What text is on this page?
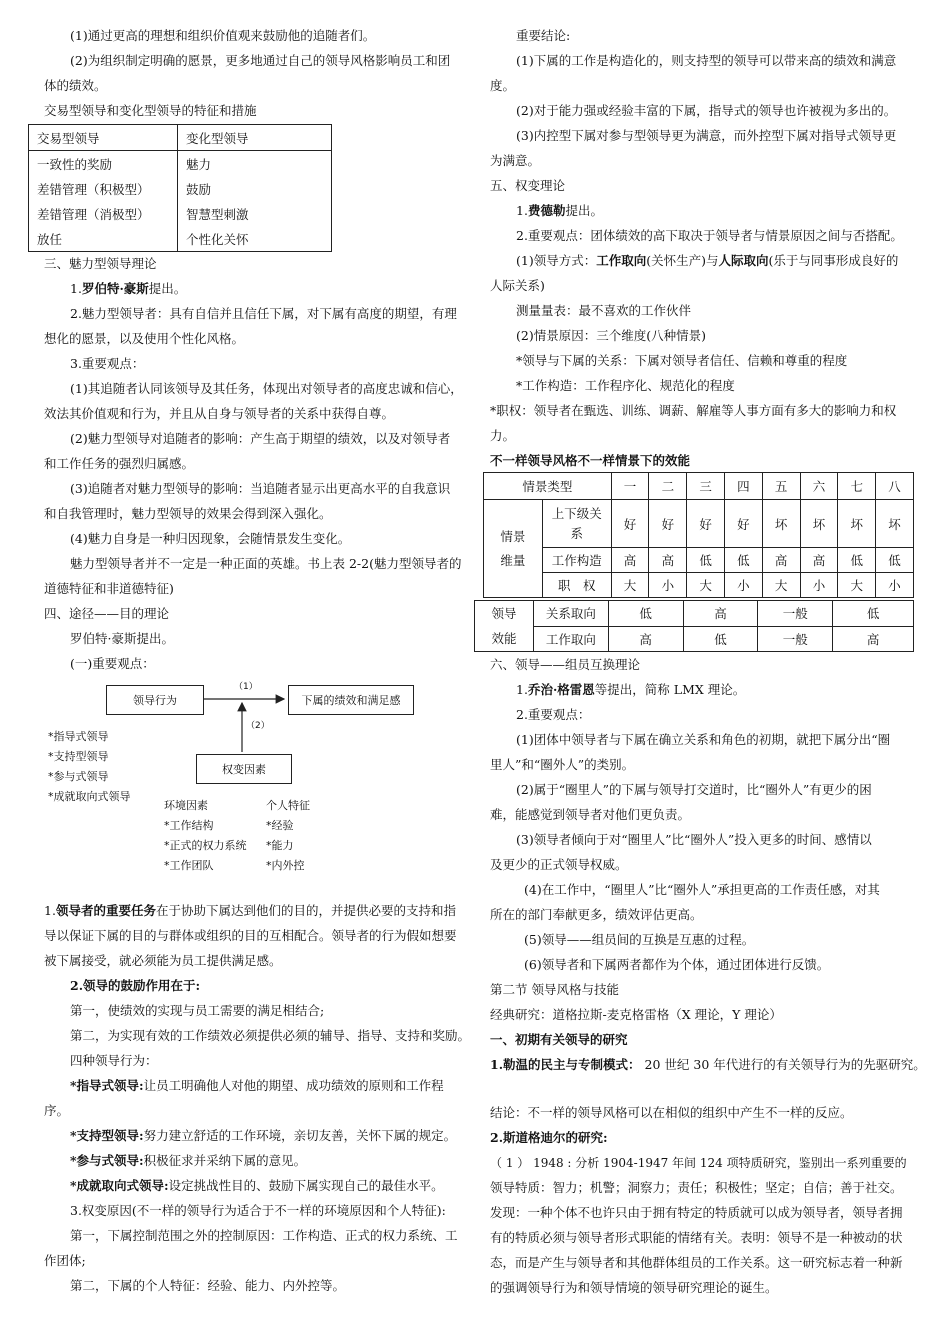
(1)通过更高的理想和组织价值观来鼓励他的追随者们。
(2)为组织制定明确的愿景，更多地通过自己的领导风格影响员工和团
体的绩效。
交易型领导和变化型领导的特征和措施
交易型领导	变化型领导
一致性的奖励	魅力
差错管理（积极型）	鼓励
差错管理（消极型）	智慧型刺激
放任	个性化关怀
三、魅力型领导理论
1.罗伯特·豪斯提出。
2.魅力型领导者：具有自信并且信任下属，对下属有高度的期望，有理
想化的愿景，以及使用个性化风格。
3.重要观点：
(1)其追随者认同该领导及其任务，体现出对领导者的高度忠诚和信心，
效法其价值观和行为，并且从自身与领导者的关系中获得自尊。
(2)魅力型领导对追随者的影响：产生高于期望的绩效，以及对领导者
和工作任务的强烈归属感。
(3)追随者对魅力型领导的影响：当追随者显示出更高水平的自我意识
和自我管理时，魅力型领导的效果会得到深入强化。
(4)魅力自身是一种归因现象，会随情景发生变化。
魅力型领导者并不一定是一种正面的英雄。书上表 2-2(魅力型领导者的
道德特征和非道德特征)
四、途径——目的理论
罗伯特·豪斯提出。
(一)重要观点：
领导行为	下属的绩效和满足感
权变因素
（1）
（2）
*指导式领导
*支持型领导
*参与式领导
*成就取向式领导
环境因素
*工作结构
*正式的权力系统
*工作团队
个人特征
*经验
*能力
*内外控
1.领导者的重要任务在于协助下属达到他们的目的，并提供必要的支持和指
导以保证下属的目的与群体或组织的目的互相配合。领导者的行为假如想要
被下属接受，就必须能为员工提供满足感。
2.领导的鼓励作用在于:
第一，使绩效的实现与员工需要的满足相结合;
第二，为实现有效的工作绩效必须提供必须的辅导、指导、支持和奖励。
四种领导行为：
*指导式领导:让员工明确他人对他的期望、成功绩效的原则和工作程
序。
*支持型领导:努力建立舒适的工作环境，亲切友善，关怀下属的规定。
*参与式领导:积极征求并采纳下属的意见。
*成就取向式领导:设定挑战性目的、鼓励下属实现自己的最佳水平。
3.权变原因(不一样的领导行为适合于不一样的环境原因和个人特征):
第一，下属控制范围之外的控制原因：工作构造、正式的权力系统、工
作团体;
第二，下属的个人特征：经验、能力、内外控等。
重要结论:
(1)下属的工作是构造化的，则支持型的领导可以带来高的绩效和满意
度。
(2)对于能力强或经验丰富的下属，指导式的领导也许被视为多出的。
(3)内控型下属对参与型领导更为满意，而外控型下属对指导式领导更
为满意。
五、权变理论
1.费德勒提出。
2.重要观点：团体绩效的高下取决于领导者与情景原因之间与否搭配。
(1)领导方式：工作取向(关怀生产)与人际取向(乐于与同事形成良好的
人际关系)
测量量表：最不喜欢的工作伙伴
(2)情景原因：三个维度(八种情景)
*领导与下属的关系：下属对领导者信任、信赖和尊重的程度
*工作构造：工作程序化、规范化的程度
*职权：领导者在甄选、训练、调薪、解雇等人事方面有多大的影响力和权
力。
不一样领导风格不一样情景下的效能
情景类型		一	二	三	四	五	六	七	八

情景维量	上下级关系	好	好	好	好	坏	坏	坏	坏
	工作构造	高	高	低	低	高	高	低	低
	职　权	大	小	大	小	大	小	大	小
领导效能	关系取向	低	高	一般	低
	工作取向	高	低	一般	高
六、领导——组员互换理论
1.乔治·格雷恩等提出，简称 LMX 理论。
2.重要观点：
(1)团体中领导者与下属在确立关系和角色的初期，就把下属分出“圈
里人”和“圈外人”的类别。
(2)属于“圈里人”的下属与领导打交道时，比“圈外人”有更少的困
难，能感觉到领导者对他们更负责。
(3)领导者倾向于对“圈里人”比“圈外人”投入更多的时间、感情以
及更少的正式领导权威。
(4)在工作中，“圈里人”比“圈外人”承担更高的工作责任感，对其
所在的部门奉献更多，绩效评估更高。
(5)领导——组员间的互换是互惠的过程。
(6)领导者和下属两者都作为个体，通过团体进行反馈。
第二节 领导风格与技能
经典研究：道格拉斯-麦克格雷格（X 理论，Y 理论）
一、初期有关领导的研究
1.勒温的民主与专制模式： 20 世纪 30 年代进行的有关领导行为的先驱研究。
结论：不一样的领导风格可以在相似的组织中产生不一样的反应。
2.斯道格迪尔的研究:
（ 1 ） 1948 : 分析 1904-1947 年间 124 项特质研究，鉴别出一系列重要的
领导特质：智力；机警；洞察力；责任；积极性；坚定；自信；善于社交。
发现：一种个体不也许只由于拥有特定的特质就可以成为领导者，领导者拥
有的特质必须与领导者形式职能的情绪有关。表明：领导不是一种被动的状
态，而是产生与领导者和其他群体组员的工作关系。这一研究标志着一种新
的强调领导行为和领导情境的领导研究理论的诞生。
